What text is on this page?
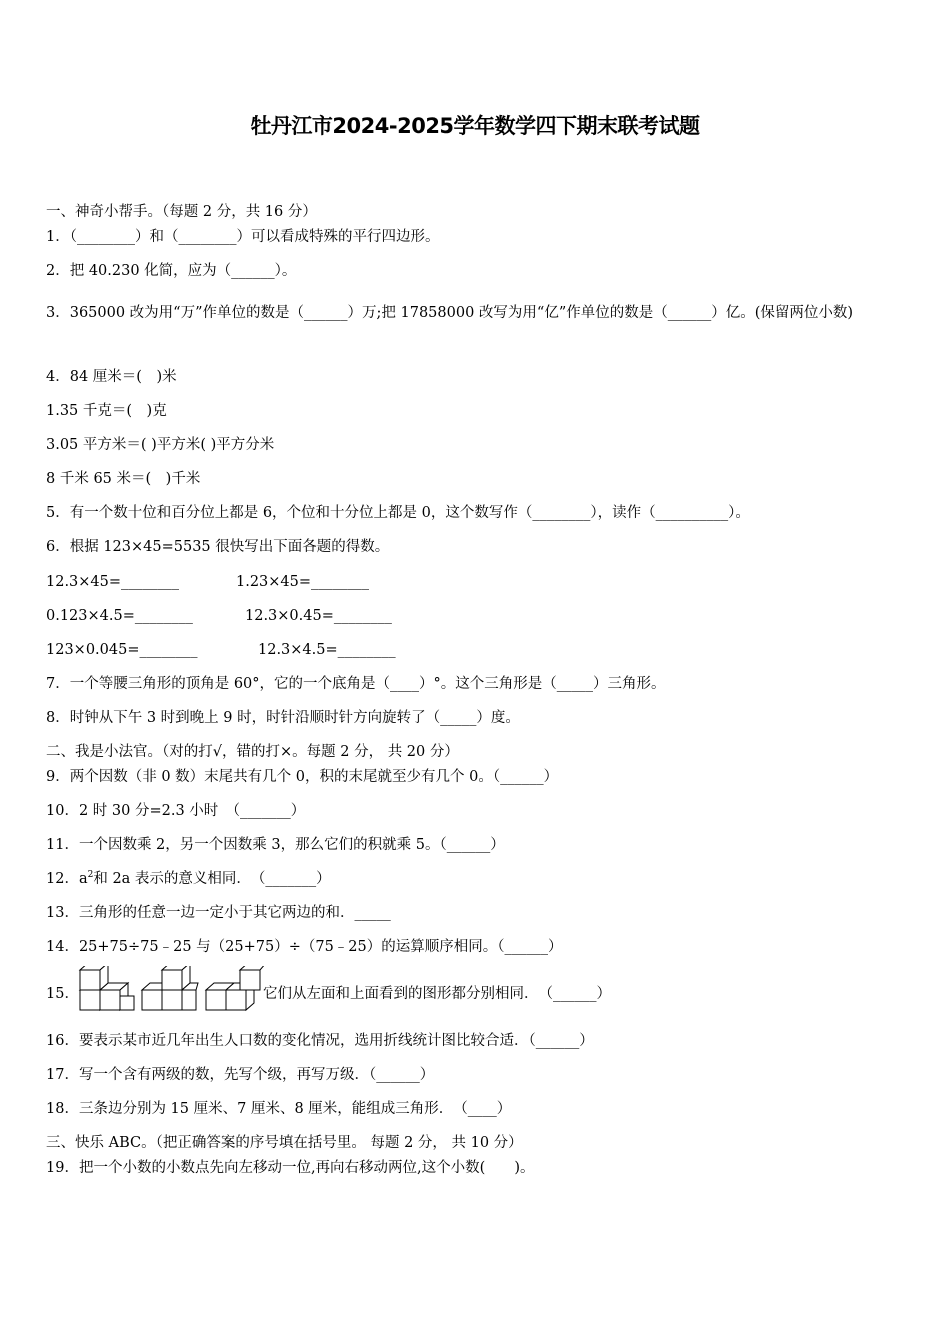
牡丹江市2024-2025学年数学四下期末联考试题
一、神奇小帮手。（每题 2 分，共 16 分）
1．（________）和（________）可以看成特殊的平行四边形。
2．把 40.230 化简，应为（______）。
3．365000 改为用“万”作单位的数是（______）万;把 17858000 改写为用“亿”作单位的数是（______）亿。(保留两位小数)
4．84 厘米＝(　)米
1.35 千克＝(　)克
3.05 平方米＝( )平方米( )平方分米
8 千米 65 米＝(　)千米
5．有一个数十位和百分位上都是 6，个位和十分位上都是 0，这个数写作（________），读作（__________）。
6．根据 123×45=5535 很快写出下面各题的得数。
12.3×45=________	1.23×45=________
0.123×4.5=________	12.3×0.45=________
123×0.045=________	12.3×4.5=________
7．一个等腰三角形的顶角是 60°，它的一个底角是（____）°。这个三角形是（_____）三角形。
8．时钟从下午 3 时到晚上 9 时，时针沿顺时针方向旋转了（_____）度。
二、我是小法官。（对的打√，错的打×。每题 2 分， 共 20 分）
9．两个因数（非 0 数）末尾共有几个 0，积的末尾就至少有几个 0。（______）
10．2 时 30 分=2.3 小时　（_______）
11．一个因数乘 2，另一个因数乘 3，那么它们的积就乘 5。（______）
12．$a^2$和 2a 表示的意义相同．　（_______）
13．三角形的任意一边一定小于其它两边的和．_____
14．25+75÷75﹣25 与（25+75）÷（75﹣25）的运算顺序相同。（______）
15．	它们从左面和上面看到的图形都分别相同．　（______）
16．要表示某市近几年出生人口数的变化情况，选用折线统计图比较合适．（______）
17．写一个含有两级的数，先写个级，再写万级．（______）
18．三条边分别为 15 厘米、7 厘米、8 厘米，能组成三角形．　（____）
三、快乐 ABC。（把正确答案的序号填在括号里。 每题 2 分， 共 10 分）
19．把一个小数的小数点先向左移动一位,再向右移动两位,这个小数(　　)。
